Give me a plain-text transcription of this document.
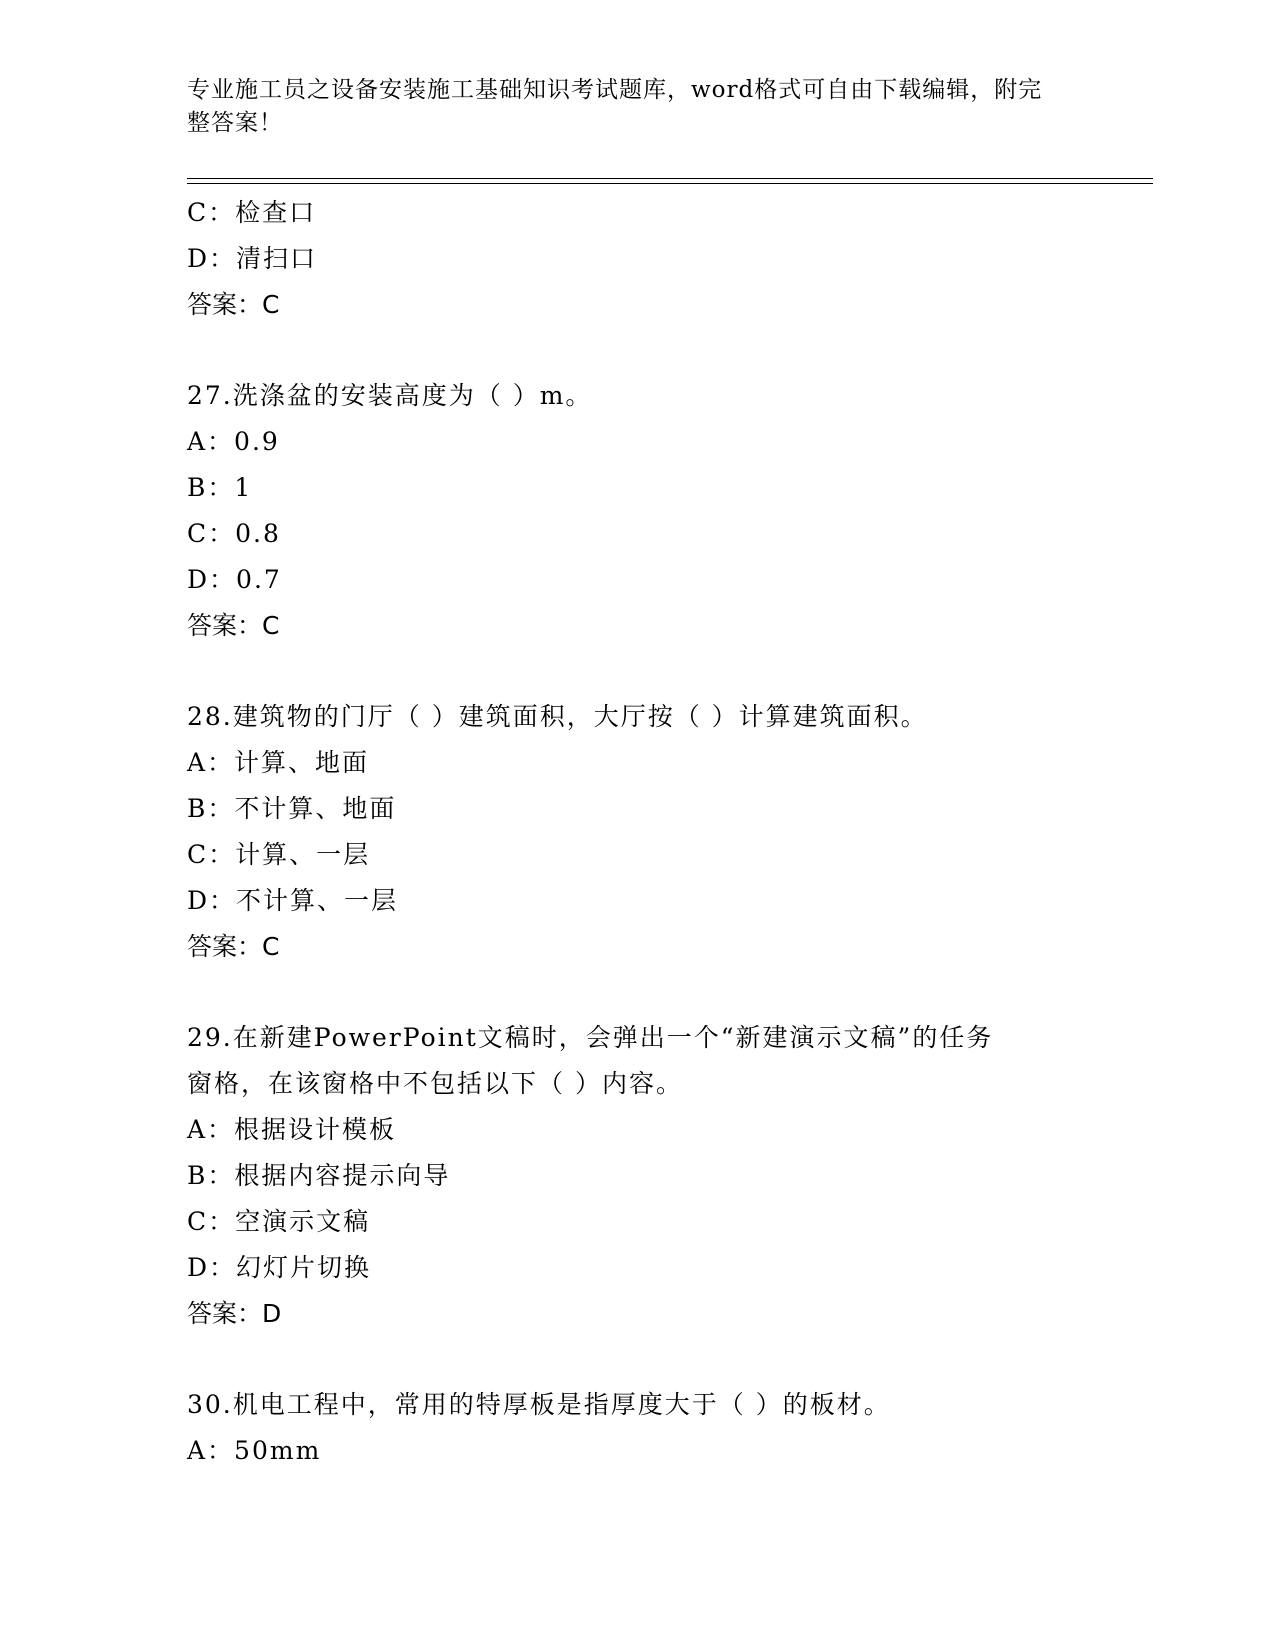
专业施工员之设备安装施工基础知识考试题库，word格式可自由下载编辑，附完
整答案！
C：检查口
D：清扫口
答案：C
27.洗涤盆的安装高度为（ ）m。
A：0.9
B：1
C：0.8
D：0.7
答案：C
28.建筑物的门厅（ ）建筑面积，大厅按（ ）计算建筑面积。
A：计算、地面
B：不计算、地面
C：计算、一层
D：不计算、一层
答案：C
29.在新建PowerPoint文稿时，会弹出一个“新建演示文稿”的任务
窗格，在该窗格中不包括以下（ ）内容。
A：根据设计模板
B：根据内容提示向导
C：空演示文稿
D：幻灯片切换
答案：D
30.机电工程中，常用的特厚板是指厚度大于（ ）的板材。
A：50mm
